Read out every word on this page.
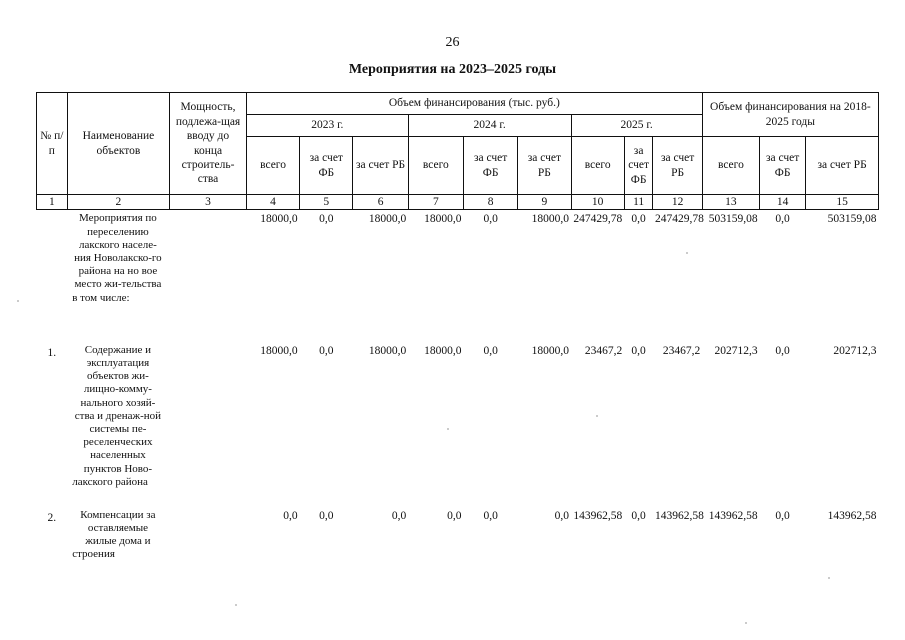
26
Мероприятия на 2023–2025 годы
№ п/п	Наименование объектов	Мощность, подлежа-щая вводу до конца строитель-ства	Объем финансирования (тыс. руб.)									Объем финансирования на 2018-2025 годы		
			2023 г.			2024 г.			2025 г.					
			всего	за счет ФБ	за счет РБ	всего	за счет ФБ	за счет РБ	всего	за счет ФБ	за счет РБ	всего	за счет ФБ	за счет РБ
1	2	3	4	5	6	7	8	9	10	11	12	13	14	15
	Мероприятия по переселению лакского населе-ния Новолакско-го района на но вое место жи-тельства в том числе:		18000,0	0,0	18000,0	18000,0	0,0	18000,0	247429,78	0,0	247429,78	503159,08	0,0	503159,08
1.	Содержание и эксплуатация объектов жи-лищно-комму-нального хозяй-ства и дренаж-ной системы пе-реселенческих населенных пунктов Ново-лакского района		18000,0	0,0	18000,0	18000,0	0,0	18000,0	23467,2	0,0	23467,2	202712,3	0,0	202712,3
2.	Компенсации за оставляемые жилые дома и строения		0,0	0,0	0,0	0,0	0,0	0,0	143962,58	0,0	143962,58	143962,58	0,0	143962,58
